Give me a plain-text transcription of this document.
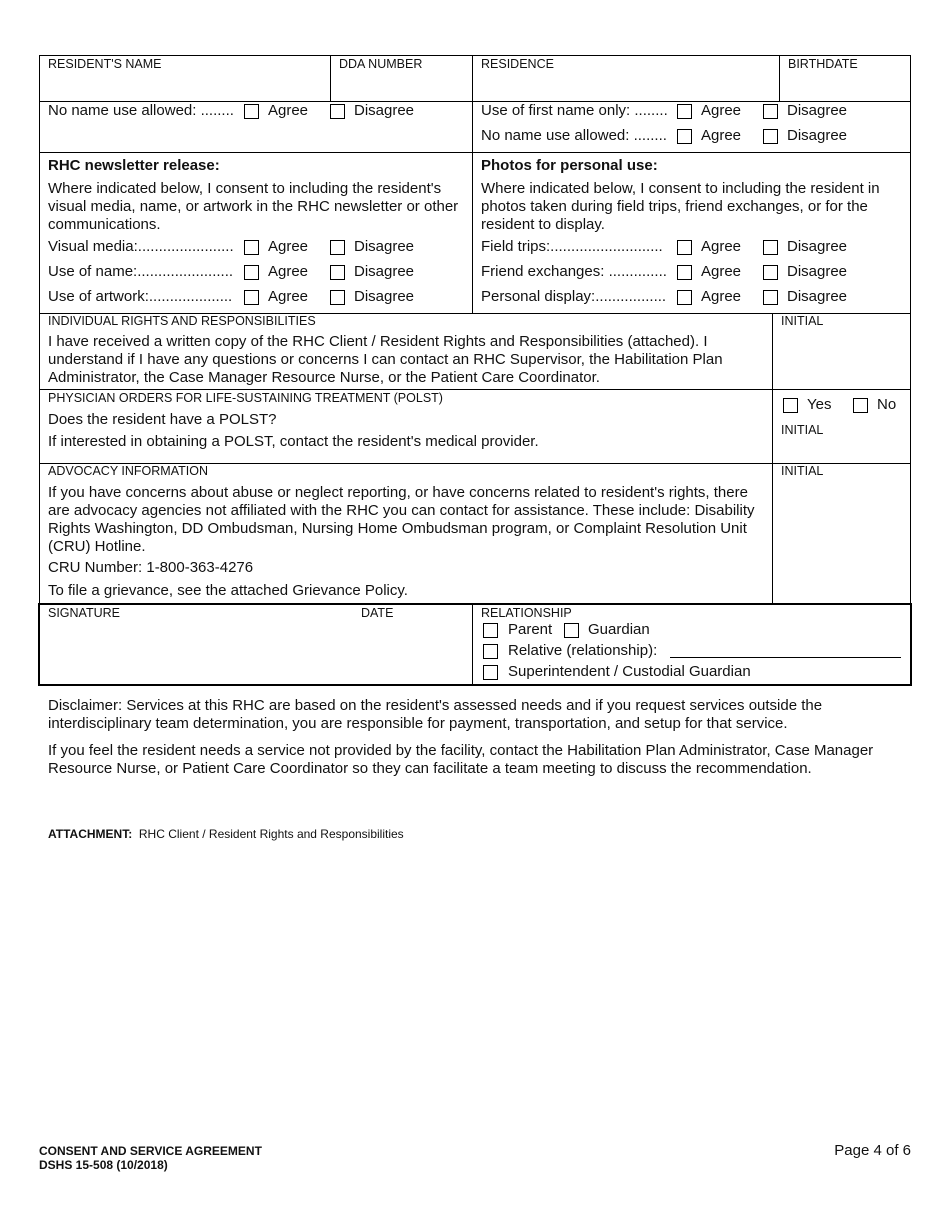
RESIDENT'S NAME	DDA NUMBER	RESIDENCE	BIRTHDATE
No name use allowed: ........ Agree	Disagree	Use of first name only: ........ Agree	Disagree
No name use allowed: ........ Agree	Disagree
RHC newsletter release:
Where indicated below, I consent to including the resident's visual media, name, or artwork in the RHC newsletter or other communications.
Visual media:....................... Agree	Disagree
Use of name:....................... Agree	Disagree
Use of artwork:.................... Agree	Disagree
Photos for personal use:
Where indicated below, I consent to including the resident in photos taken during field trips, friend exchanges, or for the resident to display.
Field trips:...........................	Agree	Disagree
Friend exchanges: .............. Agree	Disagree
Personal display:................. Agree	Disagree
INDIVIDUAL RIGHTS AND RESPONSIBILITIES
I have received a written copy of the RHC Client / Resident Rights and Responsibilities (attached). I understand if I have any questions or concerns I can contact an RHC Supervisor, the Habilitation Plan Administrator, the Case Manager Resource Nurse, or the Patient Care Coordinator.
INITIAL
PHYSICIAN ORDERS FOR LIFE-SUSTAINING TREATMENT (POLST)
Does the resident have a POLST?
If interested in obtaining a POLST, contact the resident's medical provider.
Yes	No
INITIAL
ADVOCACY INFORMATION
If you have concerns about abuse or neglect reporting, or have concerns related to resident's rights, there are advocacy agencies not affiliated with the RHC you can contact for assistance. These include: Disability Rights Washington, DD Ombudsman, Nursing Home Ombudsman program, or Complaint Resolution Unit (CRU) Hotline.
CRU Number: 1-800-363-4276
To file a grievance, see the attached Grievance Policy.
INITIAL
SIGNATURE	DATE	RELATIONSHIP
Parent Guardian
Relative (relationship):
Superintendent / Custodial Guardian
Disclaimer: Services at this RHC are based on the resident's assessed needs and if you request services outside the interdisciplinary team determination, you are responsible for payment, transportation, and setup for that service.
If you feel the resident needs a service not provided by the facility, contact the Habilitation Plan Administrator, Case Manager Resource Nurse, or Patient Care Coordinator so they can facilitate a team meeting to discuss the recommendation.
ATTACHMENT: RHC Client / Resident Rights and Responsibilities
CONSENT AND SERVICE AGREEMENT
DSHS 15-508 (10/2018)
Page 4 of 6
